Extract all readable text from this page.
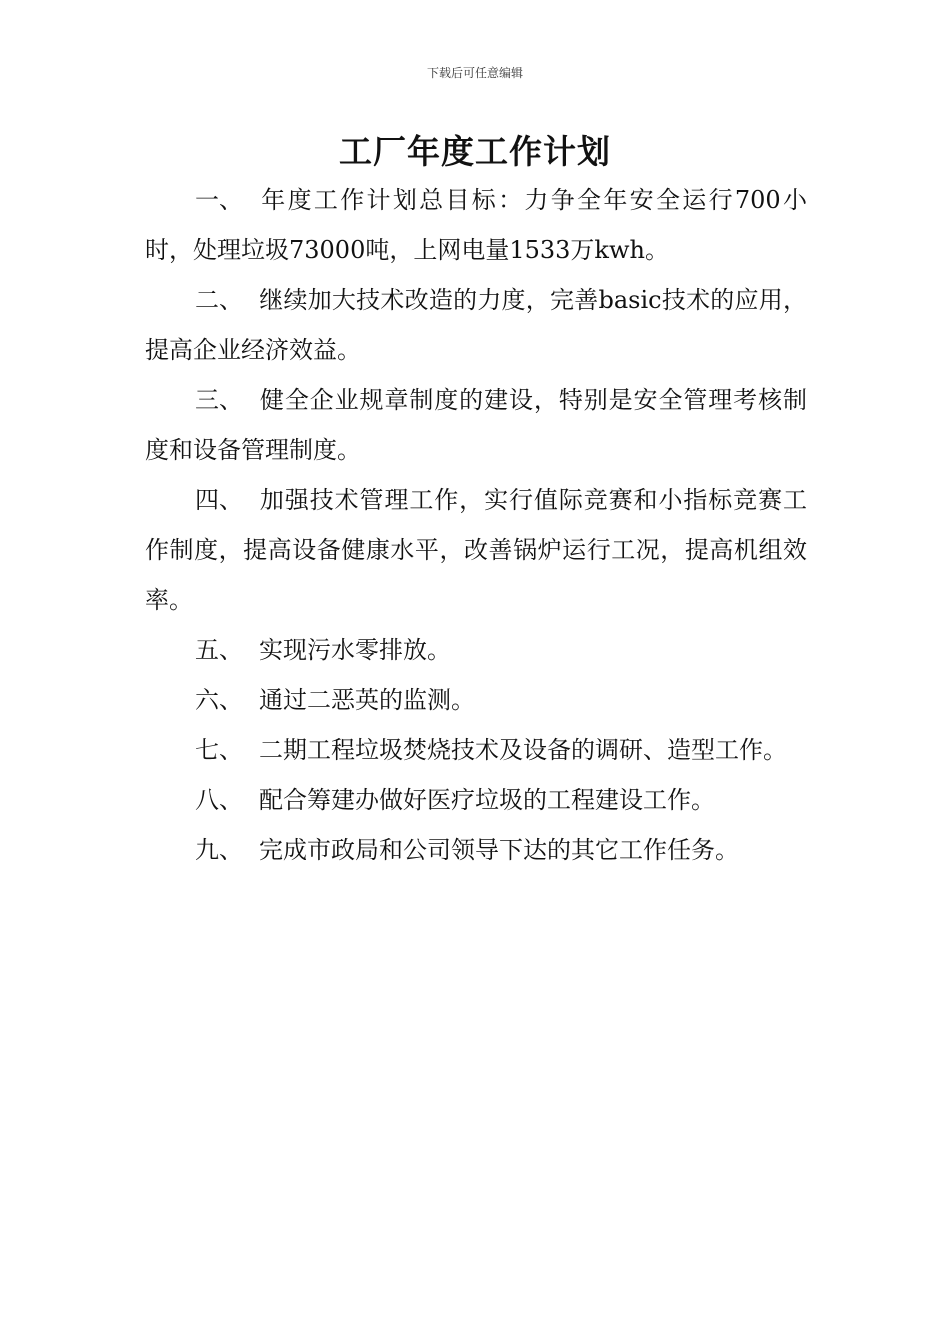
下载后可任意编辑
工厂年度工作计划

一、 年度工作计划总目标：力争全年安全运行700小时，处理垃圾73000吨，上网电量1533万kwh。

二、 继续加大技术改造的力度，完善basic技术的应用，提高企业经济效益。

三、 健全企业规章制度的建设，特别是安全管理考核制度和设备管理制度。

四、 加强技术管理工作，实行值际竞赛和小指标竞赛工作制度，提高设备健康水平，改善锅炉运行工况，提高机组效率。

五、 实现污水零排放。

六、 通过二恶英的监测。

七、 二期工程垃圾焚烧技术及设备的调研、造型工作。

八、 配合筹建办做好医疗垃圾的工程建设工作。

九、 完成市政局和公司领导下达的其它工作任务。
